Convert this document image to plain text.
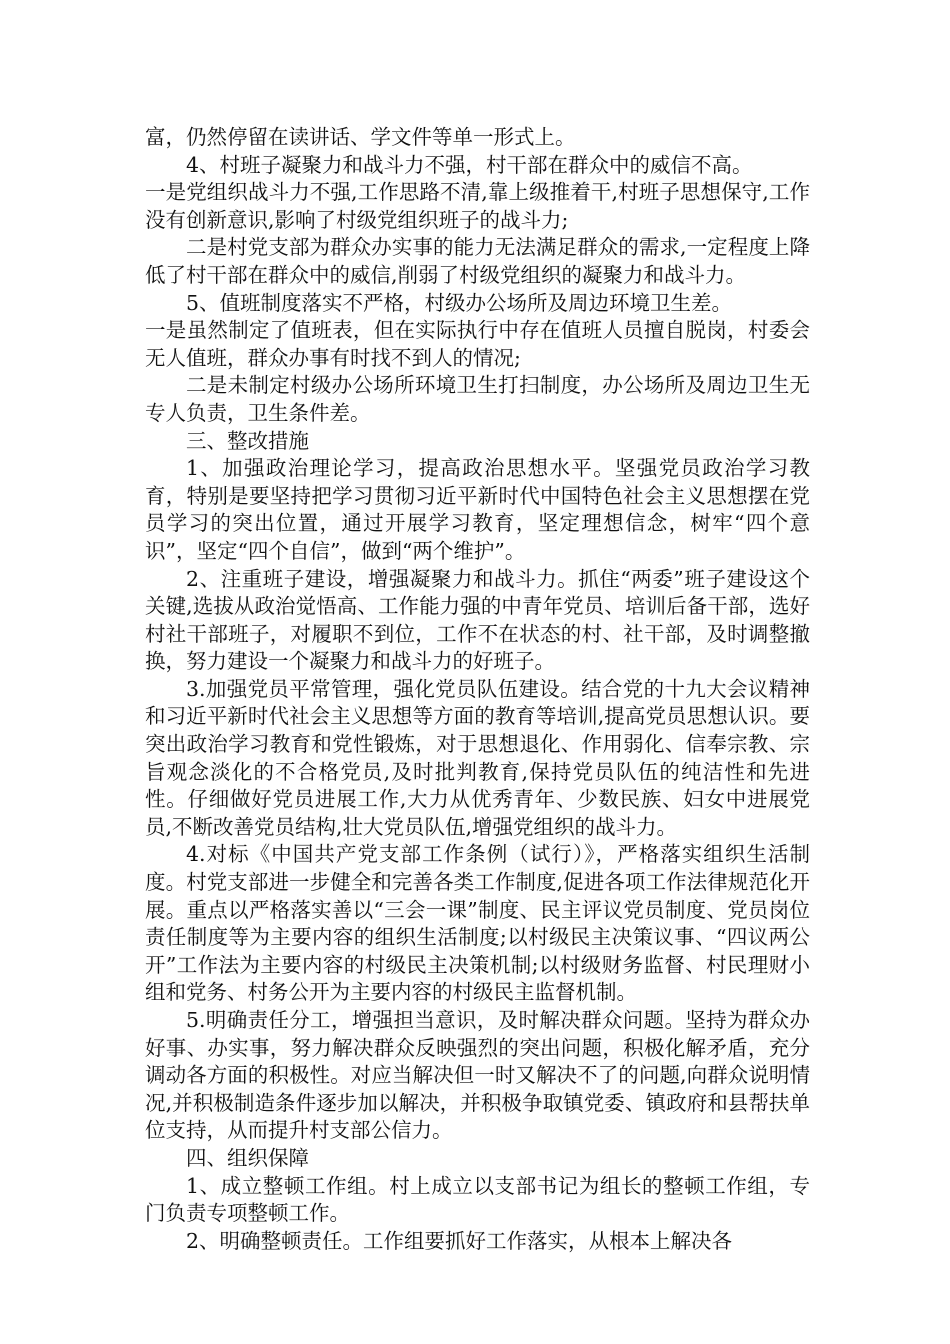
富，仍然停留在读讲话、学文件等单一形式上。

4、村班子凝聚力和战斗力不强，村干部在群众中的威信不高。

一是党组织战斗力不强,工作思路不清,靠上级推着干,村班子思想保守,工作没有创新意识,影响了村级党组织班子的战斗力;

二是村党支部为群众办实事的能力无法满足群众的需求,一定程度上降低了村干部在群众中的威信,削弱了村级党组织的凝聚力和战斗力。

5、值班制度落实不严格，村级办公场所及周边环境卫生差。

一是虽然制定了值班表，但在实际执行中存在值班人员擅自脱岗，村委会无人值班，群众办事有时找不到人的情况;

二是未制定村级办公场所环境卫生打扫制度，办公场所及周边卫生无专人负责，卫生条件差。

三、整改措施

1、加强政治理论学习，提高政治思想水平。坚强党员政治学习教育，特别是要坚持把学习贯彻习近平新时代中国特色社会主义思想摆在党员学习的突出位置，通过开展学习教育，坚定理想信念，树牢“四个意识”，坚定“四个自信”，做到“两个维护”。

2、注重班子建设，增强凝聚力和战斗力。抓住“两委”班子建设这个关键,选拔从政治觉悟高、工作能力强的中青年党员、培训后备干部，选好村社干部班子，对履职不到位，工作不在状态的村、社干部，及时调整撤换，努力建设一个凝聚力和战斗力的好班子。

3.加强党员平常管理，强化党员队伍建设。结合党的十九大会议精神和习近平新时代社会主义思想等方面的教育等培训,提高党员思想认识。要突出政治学习教育和党性锻炼，对于思想退化、作用弱化、信奉宗教、宗旨观念淡化的不合格党员,及时批判教育,保持党员队伍的纯洁性和先进性。仔细做好党员进展工作,大力从优秀青年、少数民族、妇女中进展党员,不断改善党员结构,壮大党员队伍,增强党组织的战斗力。

4.对标《中国共产党支部工作条例（试行）》，严格落实组织生活制度。村党支部进一步健全和完善各类工作制度,促进各项工作法律规范化开展。重点以严格落实善以“三会一课”制度、民主评议党员制度、党员岗位责任制度等为主要内容的组织生活制度;以村级民主决策议事、“四议两公开”工作法为主要内容的村级民主决策机制;以村级财务监督、村民理财小组和党务、村务公开为主要内容的村级民主监督机制。

5.明确责任分工，增强担当意识，及时解决群众问题。坚持为群众办好事、办实事，努力解决群众反映强烈的突出问题，积极化解矛盾，充分调动各方面的积极性。对应当解决但一时又解决不了的问题,向群众说明情况,并积极制造条件逐步加以解决，并积极争取镇党委、镇政府和县帮扶单位支持，从而提升村支部公信力。

四、组织保障

1、成立整顿工作组。村上成立以支部书记为组长的整顿工作组，专门负责专项整顿工作。

2、明确整顿责任。工作组要抓好工作落实，从根本上解决各
